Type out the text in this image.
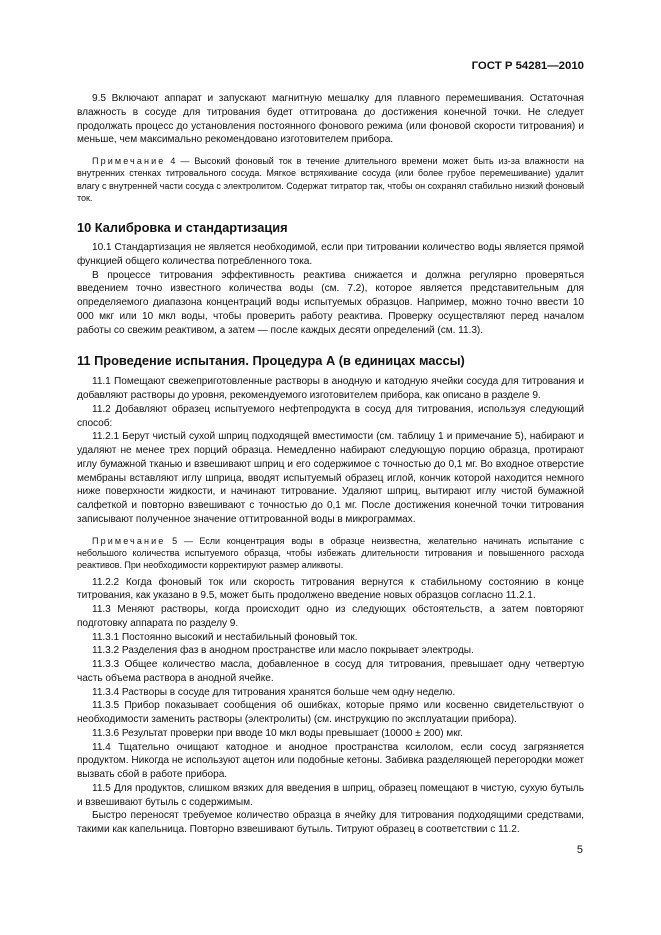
ГОСТ Р 54281—2010

9.5 Включают аппарат и запускают магнитную мешалку для плавного перемешивания. Остаточная влажность в сосуде для титрования будет оттитрована до достижения конечной точки. Не следует продолжать процесс до установления постоянного фонового режима (или фоновой скорости титрования) и меньше, чем максимально рекомендовано изготовителем прибора.

Примечание 4 — Высокий фоновый ток в течение длительного времени может быть из-за влажности на внутренних стенках титровального сосуда. Мягкое встряхивание сосуда (или более грубое перемешивание) удалит влагу с внутренней части сосуда с электролитом. Содержат титратор так, чтобы он сохранял стабильно низкий фоновый ток.

10 Калибровка и стандартизация

10.1 Стандартизация не является необходимой, если при титровании количество воды является прямой функцией общего количества потребленного тока.

В процессе титрования эффективность реактива снижается и должна регулярно проверяться введением точно известного количества воды (см. 7.2), которое является представительным для определяемого диапазона концентраций воды испытуемых образцов. Например, можно точно ввести 10 000 мкг или 10 мкл воды, чтобы проверить работу реактива. Проверку осуществляют перед началом работы со свежим реактивом, а затем — после каждых десяти определений (см. 11.3).

11 Проведение испытания. Процедура А (в единицах массы)

11.1 Помещают свежеприготовленные растворы в анодную и катодную ячейки сосуда для титрования и добавляют растворы до уровня, рекомендуемого изготовителем прибора, как описано в разделе 9.

11.2 Добавляют образец испытуемого нефтепродукта в сосуд для титрования, используя следующий способ:

11.2.1 Берут чистый сухой шприц подходящей вместимости (см. таблицу 1 и примечание 5), набирают и удаляют не менее трех порций образца. Немедленно набирают следующую порцию образца, протирают иглу бумажной тканью и взвешивают шприц и его содержимое с точностью до 0,1 мг. Во входное отверстие мембраны вставляют иглу шприца, вводят испытуемый образец иглой, кончик которой находится немного ниже поверхности жидкости, и начинают титрование. Удаляют шприц, вытирают иглу чистой бумажной салфеткой и повторно взвешивают с точностью до 0,1 мг. После достижения конечной точки титрования записывают полученное значение оттитрованной воды в микрограммах.

Примечание 5 — Если концентрация воды в образце неизвестна, желательно начинать испытание с небольшого количества испытуемого образца, чтобы избежать длительности титрования и повышенного расхода реактивов. При необходимости корректируют размер аликвоты.

11.2.2 Когда фоновый ток или скорость титрования вернутся к стабильному состоянию в конце титрования, как указано в 9.5, может быть продолжено введение новых образцов согласно 11.2.1.

11.3 Меняют растворы, когда происходит одно из следующих обстоятельств, а затем повторяют подготовку аппарата по разделу 9.

11.3.1 Постоянно высокий и нестабильный фоновый ток.

11.3.2 Разделения фаз в анодном пространстве или масло покрывает электроды.

11.3.3 Общее количество масла, добавленное в сосуд для титрования, превышает одну четвертую часть объема раствора в анодной ячейке.

11.3.4 Растворы в сосуде для титрования хранятся больше чем одну неделю.

11.3.5 Прибор показывает сообщения об ошибках, которые прямо или косвенно свидетельствуют о необходимости заменить растворы (электролиты) (см. инструкцию по эксплуатации прибора).

11.3.6 Результат проверки при вводе 10 мкл воды превышает (10000 ± 200) мкг.

11.4 Тщательно очищают катодное и анодное пространства ксилолом, если сосуд загрязняется продуктом. Никогда не используют ацетон или подобные кетоны. Забивка разделяющей перегородки может вызвать сбой в работе прибора.

11.5 Для продуктов, слишком вязких для введения в шприц, образец помещают в чистую, сухую бутыль и взвешивают бутыль с содержимым.

Быстро переносят требуемое количество образца в ячейку для титрования подходящими средствами, такими как капельница. Повторно взвешивают бутыль. Титруют образец в соответствии с 11.2.

5
